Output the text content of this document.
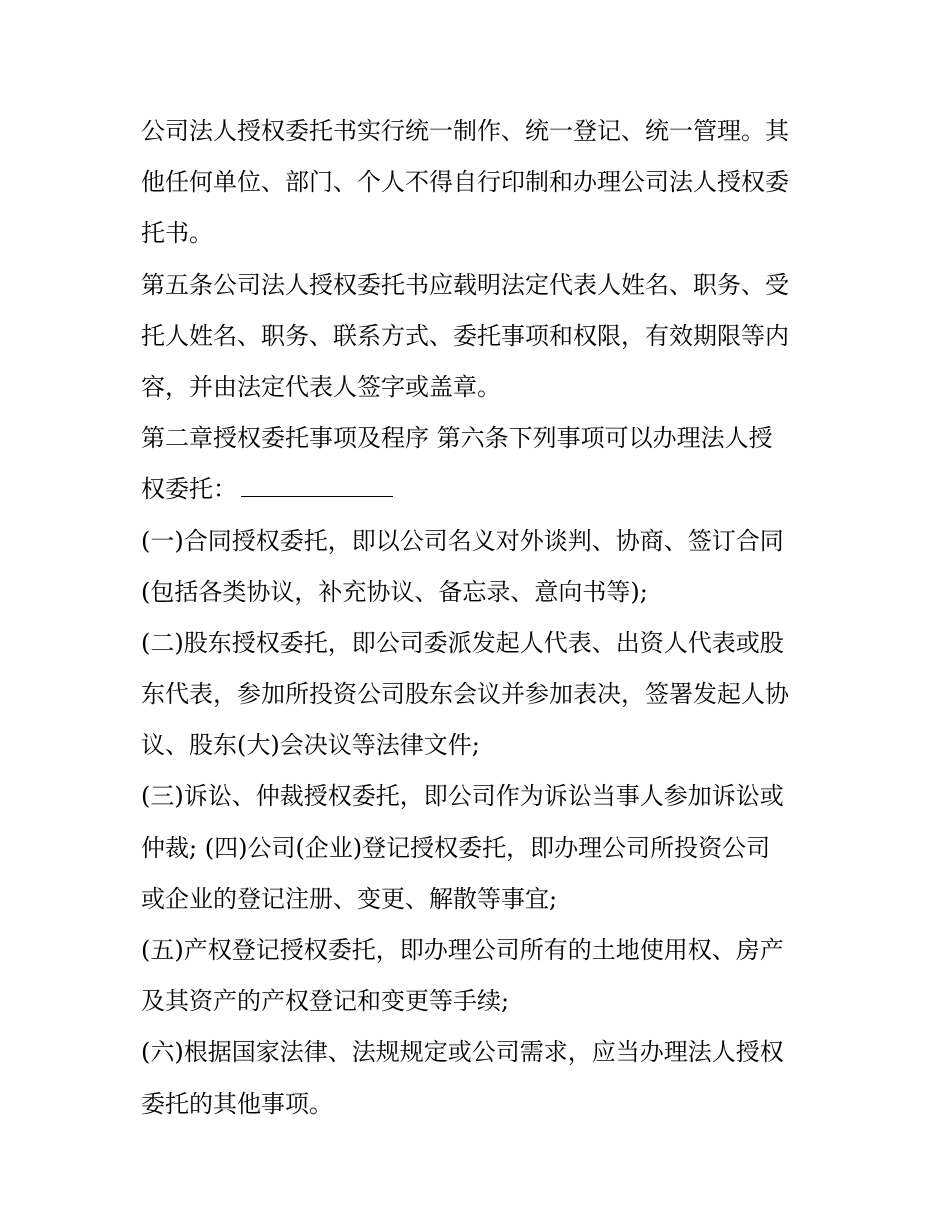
公司法人授权委托书实行统一制作、统一登记、统一管理。其
他任何单位、部门、个人不得自行印制和办理公司法人授权委
托书。
第五条公司法人授权委托书应载明法定代表人姓名、职务、受
托人姓名、职务、联系方式、委托事项和权限，有效期限等内
容，并由法定代表人签字或盖章。
第二章授权委托事项及程序 第六条下列事项可以办理法人授
权委托：
(一)合同授权委托，即以公司名义对外谈判、协商、签订合同
(包括各类协议，补充协议、备忘录、意向书等);
(二)股东授权委托，即公司委派发起人代表、出资人代表或股
东代表，参加所投资公司股东会议并参加表决，签署发起人协
议、股东(大)会决议等法律文件;
(三)诉讼、仲裁授权委托，即公司作为诉讼当事人参加诉讼或
仲裁; (四)公司(企业)登记授权委托，即办理公司所投资公司
或企业的登记注册、变更、解散等事宜;
(五)产权登记授权委托，即办理公司所有的土地使用权、房产
及其资产的产权登记和变更等手续;
(六)根据国家法律、法规规定或公司需求，应当办理法人授权
委托的其他事项。
